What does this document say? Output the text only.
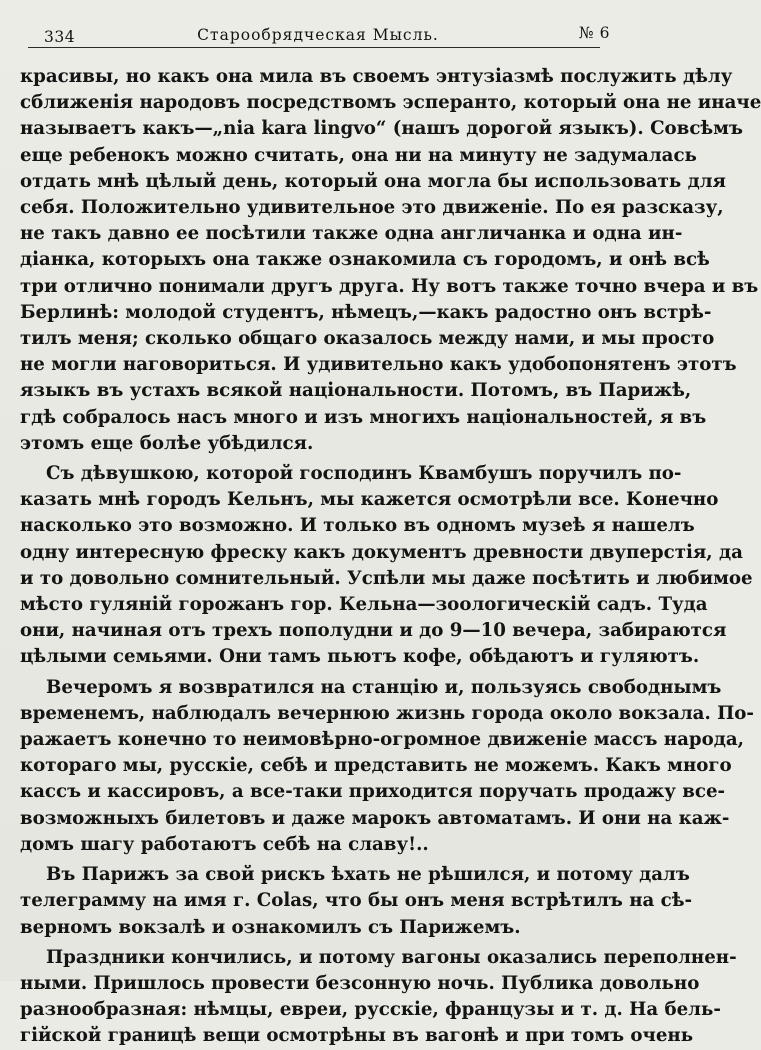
334	Старообрядческая Мысль.	№ 6
красивы, но какъ она мила въ своемъ энтузіазмѣ послужить дѣлу
сближенія народовъ посредствомъ эсперанто, который она не иначе
называетъ какъ—„nia kara lingvo“ (нашъ дорогой языкъ). Совсѣмъ
еще ребенокъ можно считать, она ни на минуту не задумалась
отдать мнѣ цѣлый день, который она могла бы использовать для
себя. Положительно удивительное это движеніе. По ея разсказу,
не такъ давно ее посѣтили также одна англичанка и одна ин-
діанка, которыхъ она также ознакомила съ городомъ, и онѣ всѣ
три отлично понимали другъ друга. Ну вотъ также точно вчера и въ
Берлинѣ: молодой студентъ, нѣмецъ,—какъ радостно онъ встрѣ-
тилъ меня; сколько общаго оказалось между нами, и мы просто
не могли наговориться. И удивительно какъ удобопонятенъ этотъ
языкъ въ устахъ всякой національности. Потомъ, въ Парижѣ,
гдѣ собралось насъ много и изъ многихъ національностей, я въ
этомъ еще болѣе убѣдился.
Съ дѣвушкою, которой господинъ Квамбушъ поручилъ по-
казать мнѣ городъ Кельнъ, мы кажется осмотрѣли все. Конечно
насколько это возможно. И только въ одномъ музеѣ я нашелъ
одну интересную фреску какъ документъ древности двуперстія, да
и то довольно сомнительный. Успѣли мы даже посѣтить и любимое
мѣсто гуляній горожанъ гор. Кельна—зоологическій садъ. Туда
они, начиная отъ трехъ пополудни и до 9—10 вечера, забираются
цѣлыми семьями. Они тамъ пьютъ кофе, обѣдаютъ и гуляютъ.
Вечеромъ я возвратился на станцію и, пользуясь свободнымъ
временемъ, наблюдалъ вечернюю жизнь города около вокзала. По-
ражаетъ конечно то неимовѣрно-огромное движеніе массъ народа,
котораго мы, русскіе, себѣ и представить не можемъ. Какъ много
кассъ и кассировъ, а все-таки приходится поручать продажу все-
возможныхъ билетовъ и даже марокъ автоматамъ. И они на каж-
домъ шагу работаютъ себѣ на славу!..
Въ Парижъ за свой рискъ ѣхать не рѣшился, и потому далъ
телеграмму на имя г. Colas, что бы онъ меня встрѣтилъ на сѣ-
верномъ вокзалѣ и ознакомилъ съ Парижемъ.
Праздники кончились, и потому вагоны оказались переполнен-
ными. Пришлось провести безсонную ночь. Публика довольно
разнообразная: нѣмцы, евреи, русскіе, французы и т. д. На бель-
гійской границѣ вещи осмотрѣны въ вагонѣ и при томъ очень
